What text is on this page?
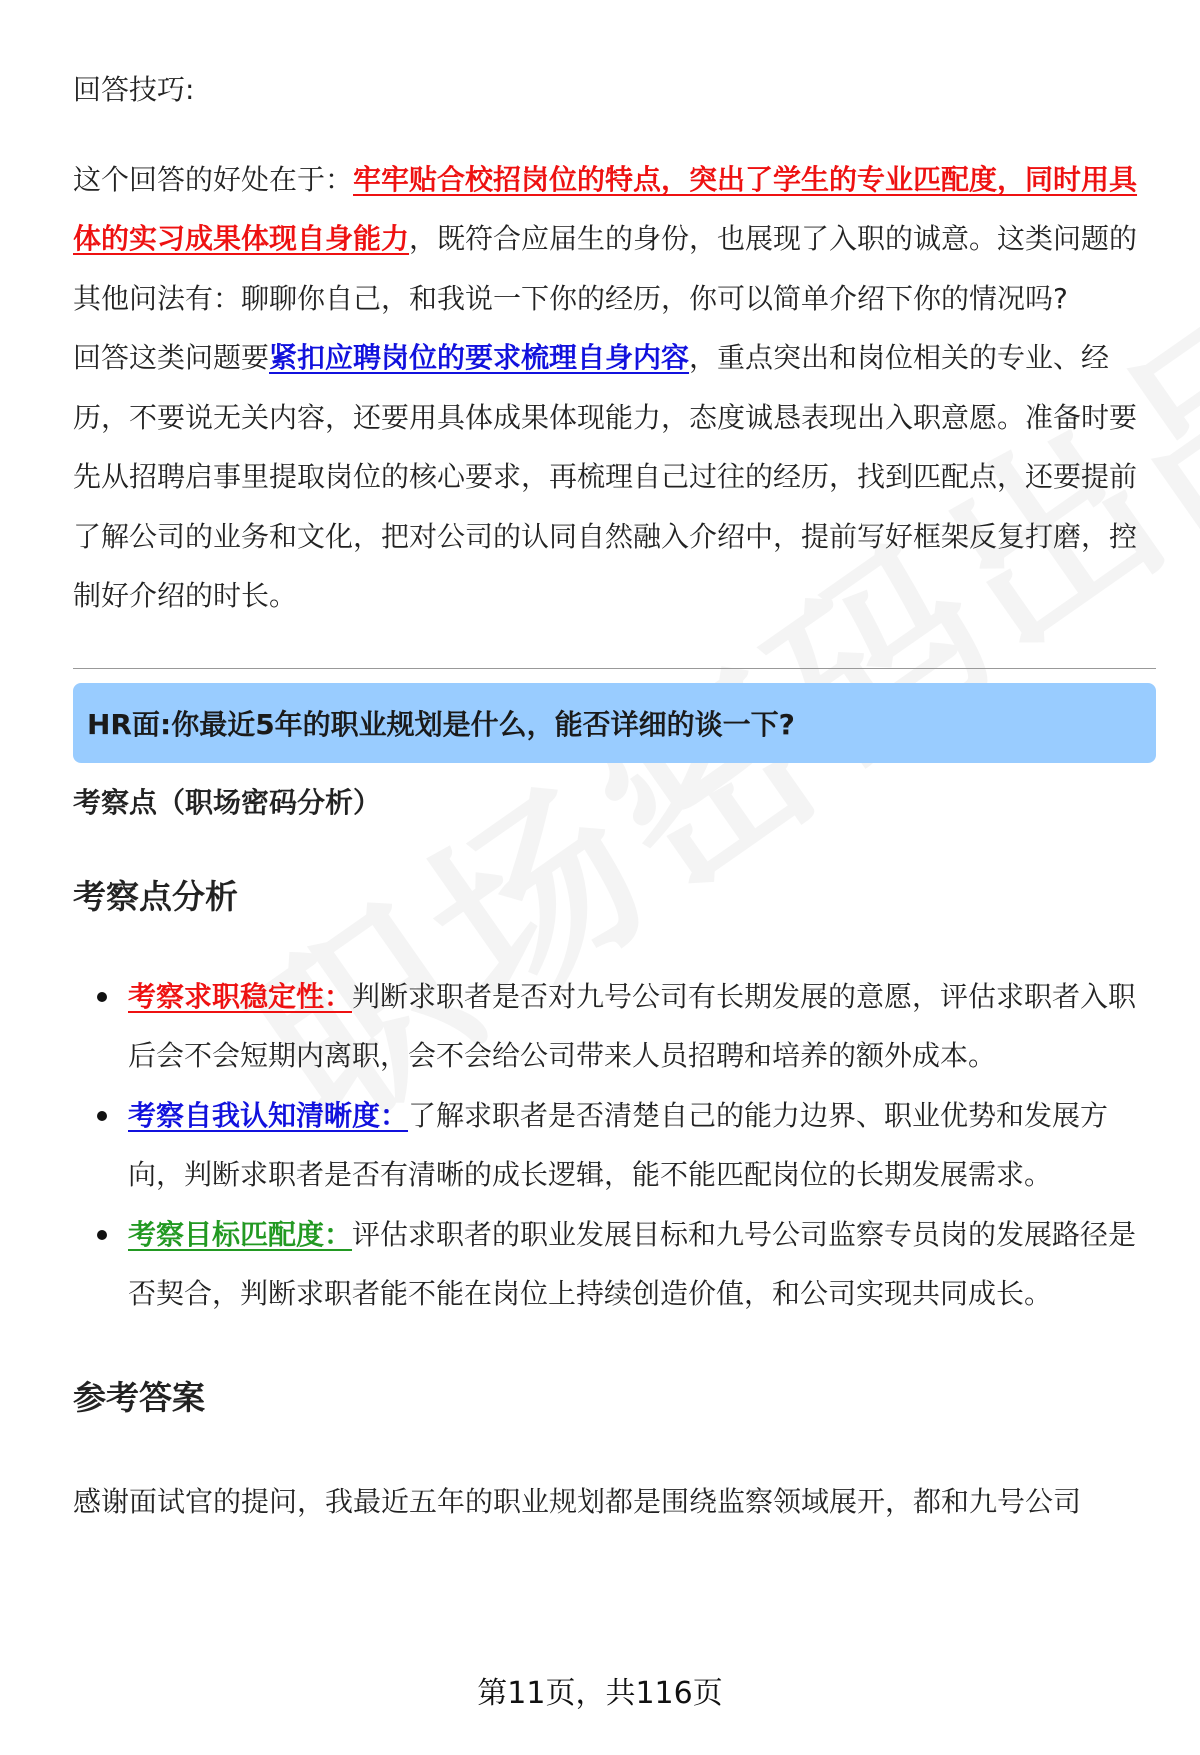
回答技巧:

这个回答的好处在于：牢牢贴合校招岗位的特点，突出了学生的专业匹配度，同时用具体的实习成果体现自身能力，既符合应届生的身份，也展现了入职的诚意。这类问题的其他问法有：聊聊你自己，和我说一下你的经历，你可以简单介绍下你的情况吗?

回答这类问题要紧扣应聘岗位的要求梳理自身内容，重点突出和岗位相关的专业、经历，不要说无关内容，还要用具体成果体现能力，态度诚恳表现出入职意愿。准备时要先从招聘启事里提取岗位的核心要求，再梳理自己过往的经历，找到匹配点，还要提前了解公司的业务和文化，把对公司的认同自然融入介绍中，提前写好框架反复打磨，控制好介绍的时长。

HR面:你最近5年的职业规划是什么，能否详细的谈一下?

考察点（职场密码分析）

考察点分析
考察求职稳定性：判断求职者是否对九号公司有长期发展的意愿，评估求职者入职后会不会短期内离职，会不会给公司带来人员招聘和培养的额外成本。
考察自我认知清晰度：了解求职者是否清楚自己的能力边界、职业优势和发展方向，判断求职者是否有清晰的成长逻辑，能不能匹配岗位的长期发展需求。
考察目标匹配度：评估求职者的职业发展目标和九号公司监察专员岗的发展路径是否契合，判断求职者能不能在岗位上持续创造价值，和公司实现共同成长。
参考答案

感谢面试官的提问，我最近五年的职业规划都是围绕监察领域展开，都和九号公司

第11页，共116页
